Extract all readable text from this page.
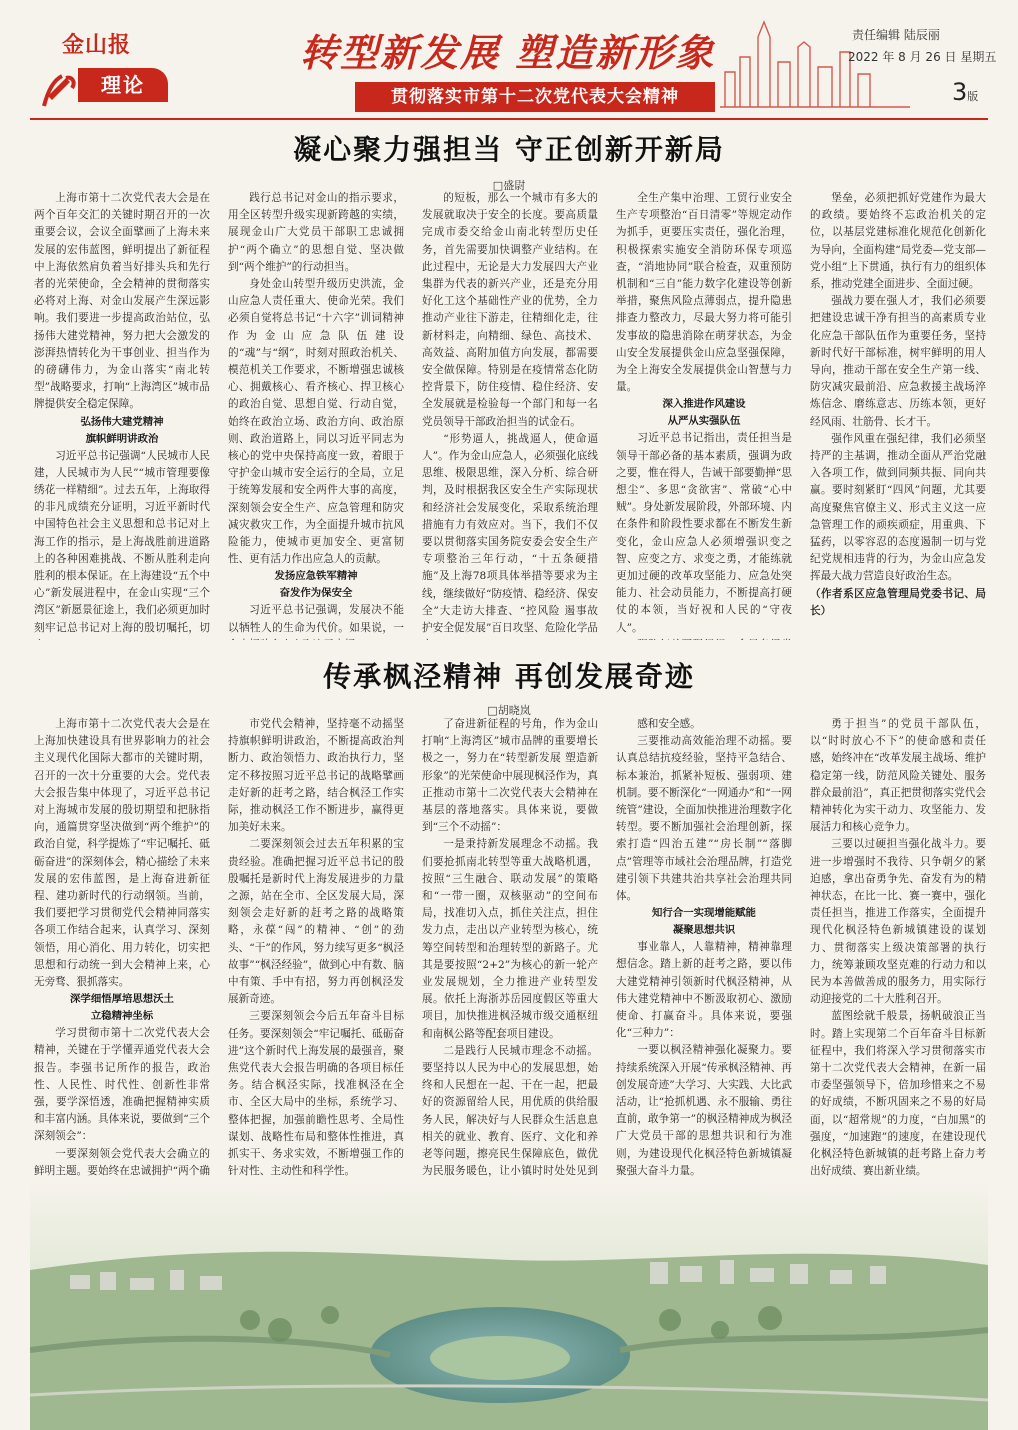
金山报
理论
转型新发展 塑造新形象
贯彻落实市第十二次党代表大会精神
责任编辑 陆辰丽
2022 年 8 月 26 日 星期五
3版
凝心聚力强担当 守正创新开新局
□盛尉

上海市第十二次党代表大会是在两个百年交汇的关键时期召开的一次重要会议，会议全面擘画了上海未来发展的宏伟蓝图，鲜明提出了新征程中上海依然肩负着当好排头兵和先行者的光荣使命，全会精神的贯彻落实必将对上海、对金山发展产生深远影响。我们要进一步提高政治站位，弘扬伟大建党精神，努力把大会激发的澎湃热情转化为干事创业、担当作为的磅礴伟力，为金山落实“南北转型”战略要求，打响“上海湾区”城市品牌提供安全稳定保障。

弘扬伟大建党精神

旗帜鲜明讲政治

习近平总书记强调“人民城市人民建，人民城市为人民”“城市管理要像绣花一样精细”。过去五年，上海取得的非凡成绩充分证明，习近平新时代中国特色社会主义思想和总书记对上海工作的指示，是上海战胜前进道路上的各种困难挑战、不断从胜利走向胜利的根本保证。在上海建设“五个中心”新发展进程中，在金山实现“三个湾区”新愿景征途上，我们必须更加时刻牢记总书记对上海的殷切嘱托，切

践行总书记对金山的指示要求，用全区转型升级实现新跨越的实绩，展现金山广大党员干部职工忠诚拥护“两个确立”的思想自觉、坚决做到“两个维护”的行动担当。

身处金山转型升级历史洪流，金山应急人责任重大、使命光荣。我们必须自觉将总书记“十六字”训词精神作为金山应急队伍建设的“魂”与“纲”，时刻对照政治机关、模范机关工作要求，不断增强忠诚核心、拥戴核心、看齐核心、捍卫核心的政治自觉、思想自觉、行动自觉，始终在政治立场、政治方向、政治原则、政治道路上，同以习近平同志为核心的党中央保持高度一致，着眼于守护金山城市安全运行的全局，立足于统筹发展和安全两件大事的高度，深刻领会安全生产、应急管理和防灾减灾救灾工作，为全面提升城市抗风险能力，使城市更加安全、更富韧性、更有活力作出应急人的贡献。

发扬应急铁军精神

奋发作为保安全

习近平总书记强调，发展决不能以牺牲人的生命为代价。如果说，一

的短板，那么一个城市有多大的发展就取决于安全的长度。要高质量完成市委交给金山南北转型历史任务，首先需要加快调整产业结构。在此过程中，无论是大力发展四大产业集群为代表的新兴产业，还是充分用好化工这个基础性产业的优势，全力推动产业往下游走，往精细化走，往新材料走，向精细、绿色、高技术、高效益、高附加值方向发展，都需要安全做保障。特别是在疫情常态化防控背景下，防住疫情、稳住经济、安全发展就是检验每一个部门和每一名党员领导干部政治担当的试金石。

“形势逼人，挑战逼人，使命逼人”。作为金山应急人，必须强化底线思维、极限思维，深入分析、综合研判，及时根据我区安全生产实际现状和经济社会发展变化，采取系统治理措施有力有效应对。当下，我们不仅要以贯彻落实国务院安委会安全生产专项整治三年行动，“十五条硬措施”及上海78项具体举措等要求为主线，继续做好“防疫情、稳经济、保安全”大走访大排查、“控风险 遏事故 护安全促发展”百日攻坚、危险化学品

全生产集中治理、工贸行业安全生产专项整治“百日清零”等规定动作为抓手，更要压实责任，强化治理，积极探索实施安全消防环保专项巡查，“消地协同”联合检查，双重预防机制和“三自”能力数字化建设等创新举措，聚焦风险点薄弱点，提升隐患排查力整改力，尽最大努力将可能引发事故的隐患消除在萌芽状态，为金山安全发展提供金山应急坚强保障，为全上海安全发展提供金山智慧与力量。

深入推进作风建设

从严从实强队伍

习近平总书记指出，责任担当是领导干部必备的基本素质，强调为政之要，惟在得人，告诫干部要勤掸“思想尘”、多思“贪欲害”、常破“心中贼”。身处新发展阶段，外部环境、内在条件和阶段性要求都在不断发生新变化，金山应急人必须增强识变之智、应变之方、求变之勇，才能练就更加过硬的改革攻坚能力、应急处突能力、社会动员能力，不断提高打硬仗的本领，当好祝和人民的“守夜人”。

堡垒，必须把抓好党建作为最大的政绩。要始终不忘政治机关的定位，以基层党建标准化规范化创新化为导向，全面构建“局党委—党支部—党小组”上下贯通，执行有力的组织体系，推动党建全面进步、全面过硬。

强战力要在强人才，我们必须要把建设忠诚干净有担当的高素质专业化应急干部队伍作为重要任务，坚持新时代好干部标准，树牢鲜明的用人导向，推动干部在安全生产第一线、防灾减灾最前沿、应急救援主战场淬炼信念、磨练意志、历练本领，更好经风雨、壮筋骨、长才干。

强作风重在强纪律，我们必须坚持严的主基调，推动全面从严治党融入各项工作，做到同频共振、同向共赢。要时刻紧盯“四风”问题，尤其要高度聚焦官僚主义、形式主义这一应急管理工作的顽疾顽症，用重典、下猛药，以零容忍的态度遏制一切与党纪党规相违背的行为，为金山应急发挥最大战力营造良好政治生态。

（作者系区应急管理局党委书记、局长）

传承枫泾精神 再创发展奇迹
□胡晓岚

上海市第十二次党代表大会是在上海加快建设具有世界影响力的社会主义现代化国际大都市的关键时期，召开的一次十分重要的大会。党代表大会报告集中体现了，习近平总书记对上海城市发展的殷切期望和把脉指向，通篇贯穿坚决做到“两个维护”的政治自觉，科学提炼了“牢记嘱托、砥砺奋进”的深刻体会，精心描绘了未来发展的宏伟蓝图，是上海奋进新征程、建功新时代的行动纲领。当前，我们要把学习贯彻党代会精神同落实各项工作结合起来，认真学习、深刻领悟，用心消化、用力转化，切实把思想和行动统一到大会精神上来，心无旁骛、狠抓落实。

深学细悟厚培思想沃土

立稳精神坐标

学习贯彻市第十二次党代表大会精神，关键在于学懂弄通党代表大会报告。李强书记所作的报告，政治性、人民性、时代性、创新性非常强，要学深悟透，准确把握精神实质和丰富内涵。具体来说，要做到“三个深刻领会”：

一要深刻领会党代表大会确立的鲜明主题。要始终在忠诚拥护“两个确

市党代会精神，坚持毫不动摇坚持旗帜鲜明讲政治，不断提高政治判断力、政治领悟力、政治执行力，坚定不移按照习近平总书记的战略擘画走好新的赶考之路，结合枫泾工作实际，推动枫泾工作不断进步，赢得更加美好未来。

二要深刻领会过去五年积累的宝贵经验。准确把握习近平总书记的殷殷嘱托是新时代上海发展进步的力量之源，站在全市、全区发展大局，深刻领会走好新的赶考之路的战略策略，永葆“闯”的精神、“创”的劲头、“干”的作风，努力续写更多“枫泾故事”“枫泾经验”，做到心中有数、脑中有策、手中有招，努力再创枫泾发展新奇迹。

三要深刻领会今后五年奋斗目标任务。要深刻领会“牢记嘱托、砥砺奋进”这个新时代上海发展的最强音，聚焦党代表大会报告明确的各项目标任务。结合枫泾实际，找准枫泾在全市、全区大局中的坐标，系统学习、整体把握，加强前瞻性思考、全局性谋划、战略性布局和整体性推进，真抓实干、务求实效，不断增强工作的针对性、主动性和科学性。

了奋进新征程的号角，作为金山打响“上海湾区”城市品牌的重要增长极之一，努力在“转型新发展 塑造新形象”的光荣使命中展现枫泾作为，真正推动市第十二次党代表大会精神在基层的落地落实。具体来说，要做到“三个不动摇”：

一是秉持新发展理念不动摇。我们要抢抓南北转型等重大战略机遇，按照“三生融合、联动发展”的策略和“一带一圈，双核驱动”的空间布局，找准切入点，抓住关注点，担住发力点，走出以产业转型为核心，统筹空间转型和治理转型的新路子。尤其是要按照“2+2”为核心的新一轮产业发展规划，全力推进产业转型发展。依托上海浙苏岳园度假区等重大项目，加快推进枫泾城市级交通枢纽和南枫公路等配套项目建设。

二是践行人民城市理念不动摇。要坚持以人民为中心的发展思想，始终和人民想在一起、干在一起，把最好的资源留给人民，用优质的供给服务人民，解决好与人民群众生活息息相关的就业、教育、医疗、文化和养老等问题，擦亮民生保障底色，做优为民服务暖色，让小镇时时处处见到

感和安全感。

三要推动高效能治理不动摇。要认真总结抗疫经验，坚持平急结合、标本兼治，抓紧补短板、强弱项、建机制。要不断深化“一网通办”和“一网统管”建设，全面加快推进治理数字化转型。要不断加强社会治理创新，探索打造“四治五建”“房长制”“落脚点”管理等市域社会治理品牌，打造党建引领下共建共治共享社会治理共同体。

知行合一实现增能赋能

凝聚思想共识

事业靠人，人靠精神，精神靠理想信念。踏上新的赶考之路，要以伟大建党精神引领新时代枫泾精神，从伟大建党精神中不断汲取初心、激励使命、打赢奋斗。具体来说，要强化“三种力”：

一要以枫泾精神强化凝聚力。要持续系统深入开展“传承枫泾精神、再创发展奇迹”大学习、大实践、大比武活动，让“抢抓机遇、永不服输、勇往直前，敢争第一”的枫泾精神成为枫泾广大党员干部的思想共识和行为准则，为建设现代化枫泾特色新城镇凝聚强大奋斗力量。

勇于担当”的党员干部队伍，以“时时放心不下”的使命感和责任感，始终冲在“改革发展主战场、维护稳定第一线，防范风险关键处、服务群众最前沿”，真正把贯彻落实党代会精神转化为实干动力、攻坚能力、发展活力和核心竞争力。

三要以过硬担当强化战斗力。要进一步增强时不我待、只争朝夕的紧迫感，拿出奋勇争先、奋发有为的精神状态，在比一比、赛一赛中，强化责任担当，推进工作落实，全面提升现代化枫泾特色新城镇建设的谋划力、贯彻落实上级决策部署的执行力，统筹兼顾攻坚克难的行动力和以民为本善做善成的服务力，用实际行动迎接党的二十大胜利召开。

蓝图绘就千般景，扬帆破浪正当时。踏上实现第二个百年奋斗目标新征程中，我们将深入学习贯彻落实市第十二次党代表大会精神，在新一届市委坚强领导下，倍加珍惜来之不易的好成绩，不断巩固来之不易的好局面，以“超常规”的力度，“白加黑”的强度，“加速跑”的速度，在建设现代化枫泾特色新城镇的赶考路上奋力考出好成绩、赛出新业绩。
